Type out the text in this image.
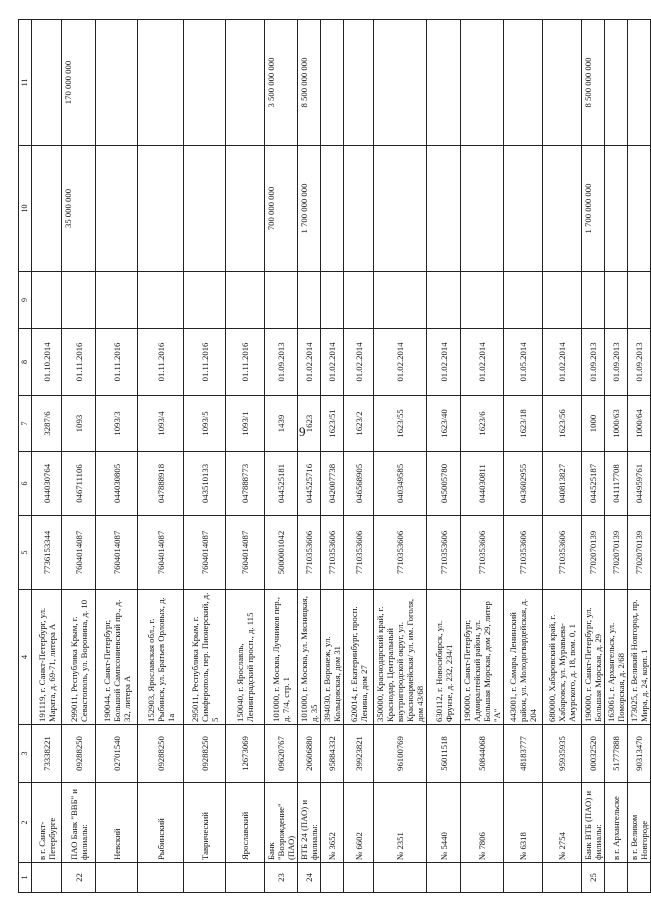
9
1	2	3	4	5	6	7	8	9	10	11
	в г. Санкт-Петербурге	73338221	191119, г. Санкт-Петербург, ул. Марата, д. 69-71, литера А	7736153344	044030764	3287/6	01.10.2014			
22	ПАО Банк "ВВБ" и филиалы:	09288250	299011, Республика Крым, г. Севастополь, ул. Воронина, д. 10	7604014087	046711106	1093	01.11.2016		35 000 000	170 000 000
	Невский	02701540	190044, г. Санкт-Петербург, Большой Сампсониевский пр., д. 32, литера А	7604014087	044030805	1093/3	01.11.2016			
	Рыбинский	09288250	152903, Ярославская обл., г. Рыбинск, ул. Братьев Орловых, д. 1а	7604014087	047888918	1093/4	01.11.2016			
	Таврический	09288250	295011, Республика Крым, г. Симферополь, пер. Пионерский, д. 5	7604014087	043510133	1093/5	01.11.2016			
	Ярославский	12673069	150040, г. Ярославль, Ленинградский просп., д. 115	7604014087	047888773	1093/1	01.11.2016			
23	Банк "Возрождение" (ПАО)	09620767	101000, г. Москва, Лучников пер., д. 7/4, стр. 1	5000001042	044525181	1439	01.09.2013		700 000 000	3 500 000 000
24	ВТБ 24 (ПАО) и филиалы:	20606880	101000, г. Москва, ул. Мясницкая, д. 35	7710353606	044525716	1623	01.02.2014		1 700 000 000	8 500 000 000
	№ 3652	95884332	394030, г. Воронеж, ул. Кольцовская, дом 31	7710353606	042007738	1623/51	01.02.2014			
	№ 6602	39923821	620014, г. Екатеринбург, просп. Ленина, дом 27	7710353606	046568905	1623/2	01.02.2014			
	№ 2351	96100769	350000, Краснодарский край, г. Краснодар, Центральный внутригородской округ, ул. Красноармейская/ ул. им. Гоголя, дом 43/68	7710353606	040349585	1623/55	01.02.2014			
	№ 5440	56011518	630112, г. Новосибирск, ул. Фрунзе, д. 232, 234/1	7710353606	045005780	1623/40	01.02.2014			
	№ 7806	50844068	190000, г. Санкт-Петербург, Адмиралтейский район, ул. Большая Морская, дом 29, литер "А"	7710353606	044030811	1623/6	01.02.2014			
	№ 6318	48183777	443001, г. Самара, Ленинский район, ул. Молодогвардейская, д. 204	7710353606	043602955	1623/18	01.05.2014			
	№ 2754	95935935	680000, Хабаровский край, г. Хабаровск, ул. Муравьева-Амурского, д. 18, пом. 0, 1	7710353606	040813827	1623/56	01.02.2014			
25	Банк ВТБ (ПАО) и филиалы:	00032520	190000, г. Санкт-Петербург, ул. Большая Морская, д. 29	7702070139	044525187	1000	01.09.2013		1 700 000 000	8 500 000 000
	в г. Архангельске	51777888	163061, г. Архангельск, ул. Поморская, д. 2/68	7702070139	041117708	1000/63	01.09.2013			
	в г. Великом Новгороде	90313470	173025, г. Великий Новгород, пр. Мира, д. 24, корп. 1	7702070139	044959761	1000/64	01.09.2013			
